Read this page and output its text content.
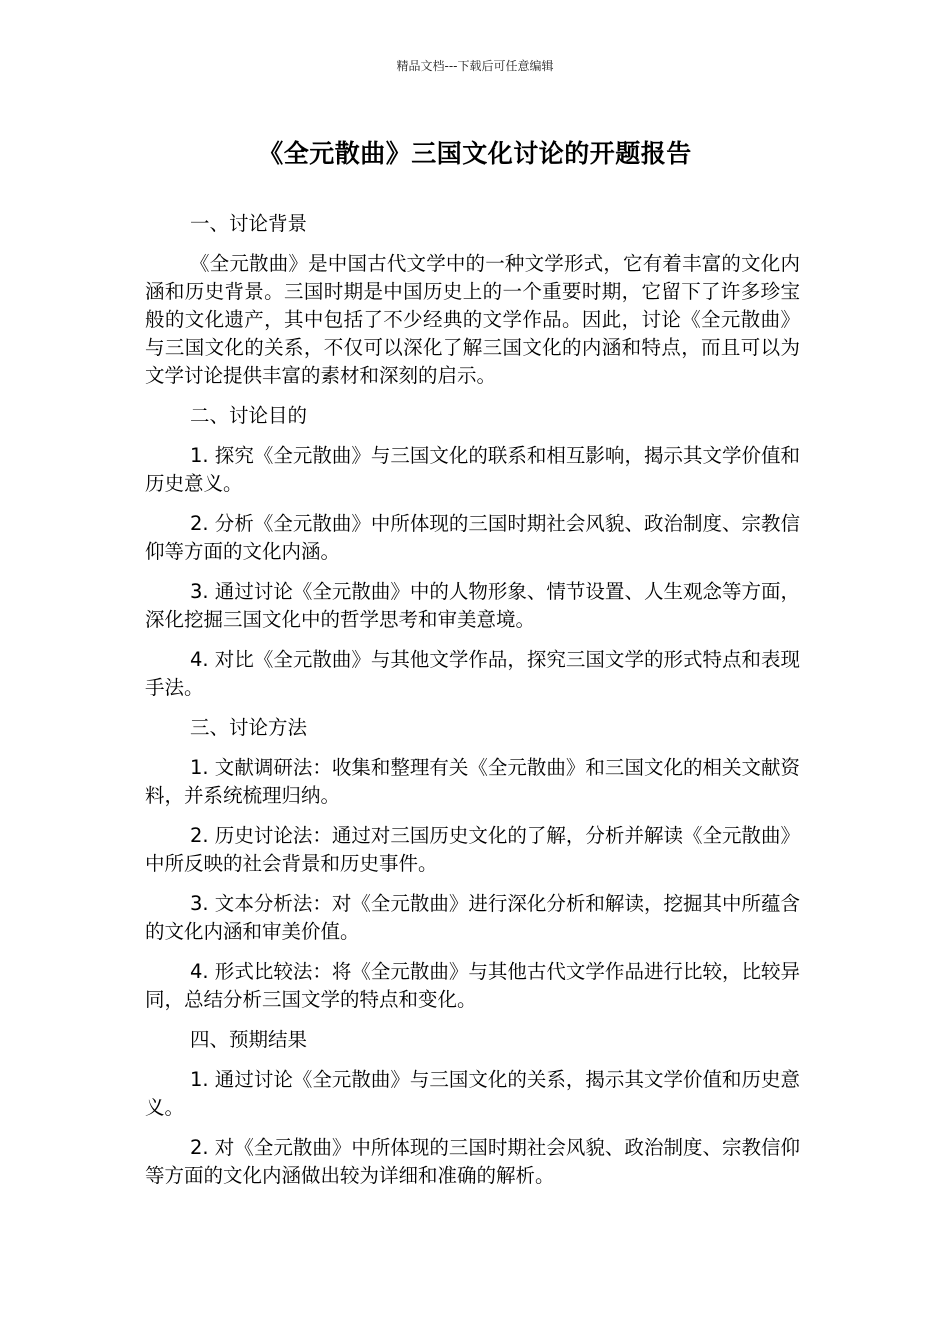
精品文档---下载后可任意编辑
《全元散曲》三国文化讨论的开题报告
一、讨论背景
《全元散曲》是中国古代文学中的一种文学形式，它有着丰富的文化内涵和历史背景。三国时期是中国历史上的一个重要时期，它留下了许多珍宝般的文化遗产，其中包括了不少经典的文学作品。因此，讨论《全元散曲》与三国文化的关系，不仅可以深化了解三国文化的内涵和特点，而且可以为文学讨论提供丰富的素材和深刻的启示。
二、讨论目的
1. 探究《全元散曲》与三国文化的联系和相互影响，揭示其文学价值和历史意义。
2. 分析《全元散曲》中所体现的三国时期社会风貌、政治制度、宗教信仰等方面的文化内涵。
3. 通过讨论《全元散曲》中的人物形象、情节设置、人生观念等方面，深化挖掘三国文化中的哲学思考和审美意境。
4. 对比《全元散曲》与其他文学作品，探究三国文学的形式特点和表现手法。
三、讨论方法
1. 文献调研法：收集和整理有关《全元散曲》和三国文化的相关文献资料，并系统梳理归纳。
2. 历史讨论法：通过对三国历史文化的了解，分析并解读《全元散曲》中所反映的社会背景和历史事件。
3. 文本分析法：对《全元散曲》进行深化分析和解读，挖掘其中所蕴含的文化内涵和审美价值。
4. 形式比较法：将《全元散曲》与其他古代文学作品进行比较，比较异同，总结分析三国文学的特点和变化。
四、预期结果
1. 通过讨论《全元散曲》与三国文化的关系，揭示其文学价值和历史意义。
2. 对《全元散曲》中所体现的三国时期社会风貌、政治制度、宗教信仰等方面的文化内涵做出较为详细和准确的解析。
